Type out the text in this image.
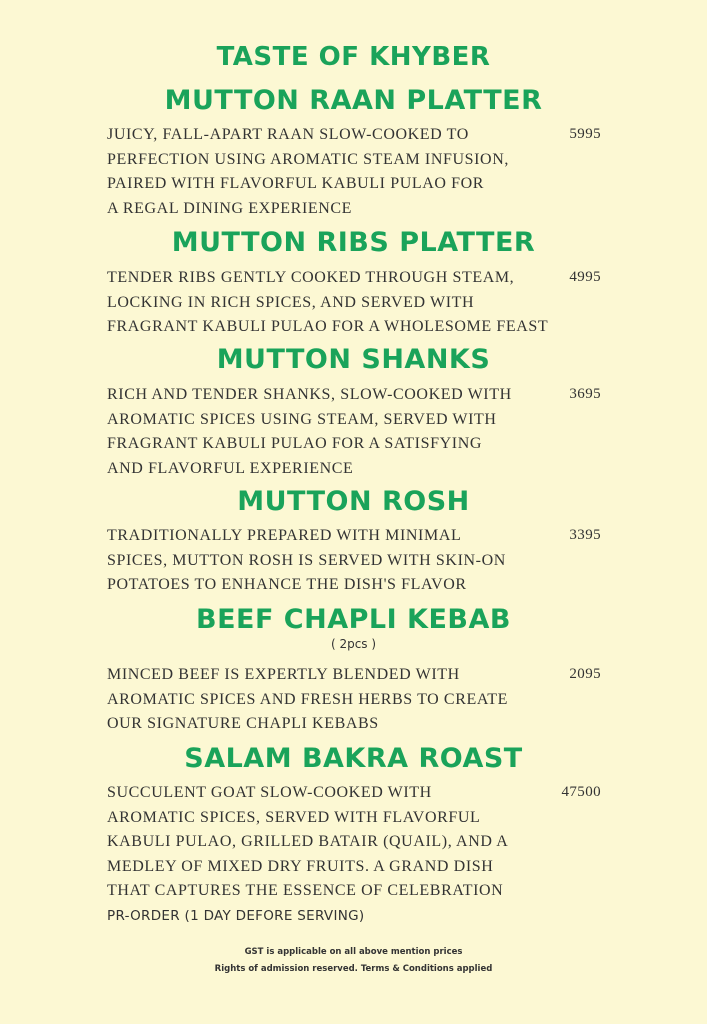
TASTE OF KHYBER
MUTTON RAAN PLATTER
JUICY, FALL-APART RAAN SLOW-COOKED TO
PERFECTION USING AROMATIC STEAM INFUSION,
PAIRED WITH FLAVORFUL KABULI PULAO FOR
A REGAL DINING EXPERIENCE
5995
MUTTON RIBS PLATTER
TENDER RIBS GENTLY COOKED THROUGH STEAM,
LOCKING IN RICH SPICES, AND SERVED WITH
FRAGRANT KABULI PULAO FOR A WHOLESOME FEAST
4995
MUTTON SHANKS
RICH AND TENDER SHANKS, SLOW-COOKED WITH
AROMATIC SPICES USING STEAM, SERVED WITH
FRAGRANT KABULI PULAO FOR A SATISFYING
AND FLAVORFUL EXPERIENCE
3695
MUTTON ROSH
TRADITIONALLY PREPARED WITH MINIMAL
SPICES, MUTTON ROSH IS SERVED WITH SKIN-ON
POTATOES TO ENHANCE THE DISH'S FLAVOR
3395
BEEF CHAPLI KEBAB
( 2pcs )
MINCED BEEF IS EXPERTLY BLENDED WITH
AROMATIC SPICES AND FRESH HERBS TO CREATE
OUR SIGNATURE CHAPLI KEBABS
2095
SALAM BAKRA ROAST
SUCCULENT GOAT SLOW-COOKED WITH
AROMATIC SPICES, SERVED WITH FLAVORFUL
KABULI PULAO, GRILLED BATAIR (QUAIL), AND A
MEDLEY OF MIXED DRY FRUITS. A GRAND DISH
THAT CAPTURES THE ESSENCE OF CELEBRATION
47500
PR-ORDER (1 DAY DEFORE SERVING)
GST is applicable on all above mention prices
Rights of admission reserved. Terms & Conditions applied
